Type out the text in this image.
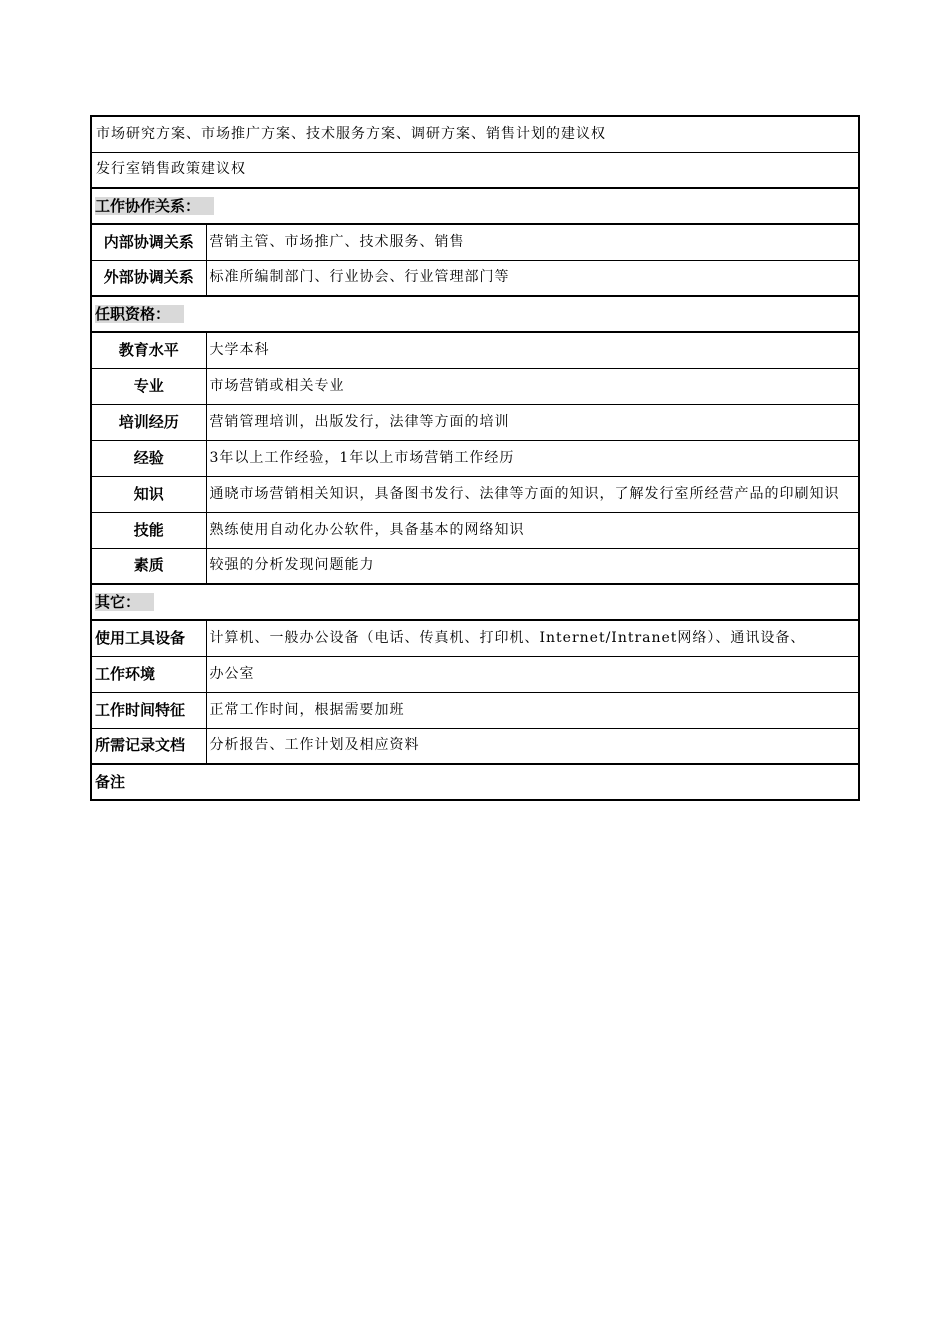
市场研究方案、市场推广方案、技术服务方案、调研方案、销售计划的建议权	
发行室销售政策建议权	
工作协作关系：	
内部协调关系	营销主管、市场推广、技术服务、销售
外部协调关系	标准所编制部门、行业协会、行业管理部门等
任职资格：	
教育水平	大学本科
专业	市场营销或相关专业
培训经历	营销管理培训，出版发行，法律等方面的培训
经验	3年以上工作经验，1年以上市场营销工作经历
知识	通晓市场营销相关知识，具备图书发行、法律等方面的知识，了解发行室所经营产品的印刷知识
技能	熟练使用自动化办公软件，具备基本的网络知识
素质	较强的分析发现问题能力
其它：	
使用工具设备	计算机、一般办公设备（电话、传真机、打印机、Internet/Intranet网络）、通讯设备、
工作环境	办公室
工作时间特征	正常工作时间，根据需要加班
所需记录文档	分析报告、工作计划及相应资料
备注	
